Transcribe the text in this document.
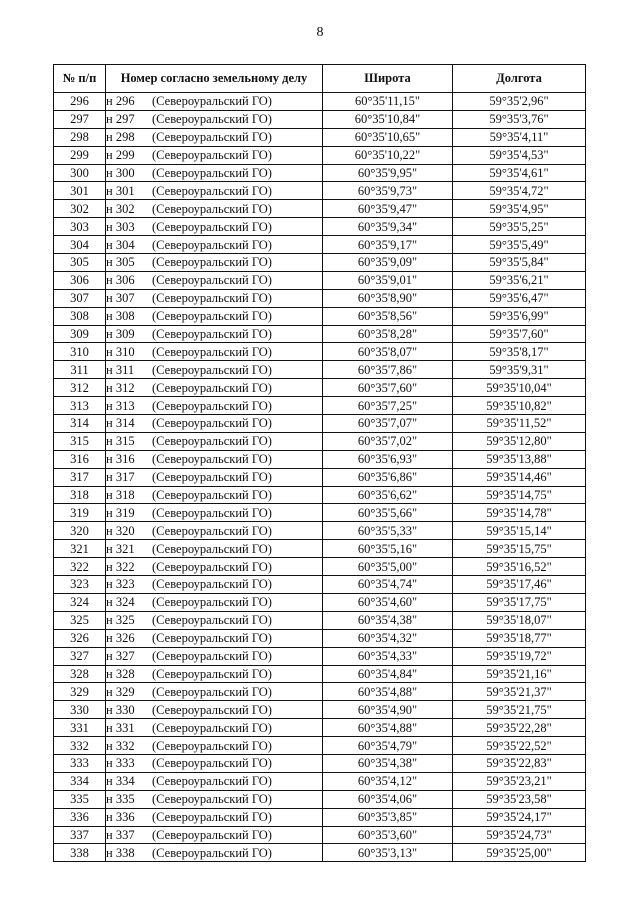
8
№ п/п	Номер согласно земельному делу	Широта	Долгота
296	н 296 (Североуральский ГО)	60°35'11,15"	59°35'2,96"
297	н 297 (Североуральский ГО)	60°35'10,84"	59°35'3,76"
298	н 298 (Североуральский ГО)	60°35'10,65"	59°35'4,11"
299	н 299 (Североуральский ГО)	60°35'10,22"	59°35'4,53"
300	н 300 (Североуральский ГО)	60°35'9,95"	59°35'4,61"
301	н 301 (Североуральский ГО)	60°35'9,73"	59°35'4,72"
302	н 302 (Североуральский ГО)	60°35'9,47"	59°35'4,95"
303	н 303 (Североуральский ГО)	60°35'9,34"	59°35'5,25"
304	н 304 (Североуральский ГО)	60°35'9,17"	59°35'5,49"
305	н 305 (Североуральский ГО)	60°35'9,09"	59°35'5,84"
306	н 306 (Североуральский ГО)	60°35'9,01"	59°35'6,21"
307	н 307 (Североуральский ГО)	60°35'8,90"	59°35'6,47"
308	н 308 (Североуральский ГО)	60°35'8,56"	59°35'6,99"
309	н 309 (Североуральский ГО)	60°35'8,28"	59°35'7,60"
310	н 310 (Североуральский ГО)	60°35'8,07"	59°35'8,17"
311	н 311 (Североуральский ГО)	60°35'7,86"	59°35'9,31"
312	н 312 (Североуральский ГО)	60°35'7,60"	59°35'10,04"
313	н 313 (Североуральский ГО)	60°35'7,25"	59°35'10,82"
314	н 314 (Североуральский ГО)	60°35'7,07"	59°35'11,52"
315	н 315 (Североуральский ГО)	60°35'7,02"	59°35'12,80"
316	н 316 (Североуральский ГО)	60°35'6,93"	59°35'13,88"
317	н 317 (Североуральский ГО)	60°35'6,86"	59°35'14,46"
318	н 318 (Североуральский ГО)	60°35'6,62"	59°35'14,75"
319	н 319 (Североуральский ГО)	60°35'5,66"	59°35'14,78"
320	н 320 (Североуральский ГО)	60°35'5,33"	59°35'15,14"
321	н 321 (Североуральский ГО)	60°35'5,16"	59°35'15,75"
322	н 322 (Североуральский ГО)	60°35'5,00"	59°35'16,52"
323	н 323 (Североуральский ГО)	60°35'4,74"	59°35'17,46"
324	н 324 (Североуральский ГО)	60°35'4,60"	59°35'17,75"
325	н 325 (Североуральский ГО)	60°35'4,38"	59°35'18,07"
326	н 326 (Североуральский ГО)	60°35'4,32"	59°35'18,77"
327	н 327 (Североуральский ГО)	60°35'4,33"	59°35'19,72"
328	н 328 (Североуральский ГО)	60°35'4,84"	59°35'21,16"
329	н 329 (Североуральский ГО)	60°35'4,88"	59°35'21,37"
330	н 330 (Североуральский ГО)	60°35'4,90"	59°35'21,75"
331	н 331 (Североуральский ГО)	60°35'4,88"	59°35'22,28"
332	н 332 (Североуральский ГО)	60°35'4,79"	59°35'22,52"
333	н 333 (Североуральский ГО)	60°35'4,38"	59°35'22,83"
334	н 334 (Североуральский ГО)	60°35'4,12"	59°35'23,21"
335	н 335 (Североуральский ГО)	60°35'4,06"	59°35'23,58"
336	н 336 (Североуральский ГО)	60°35'3,85"	59°35'24,17"
337	н 337 (Североуральский ГО)	60°35'3,60"	59°35'24,73"
338	н 338 (Североуральский ГО)	60°35'3,13"	59°35'25,00"
